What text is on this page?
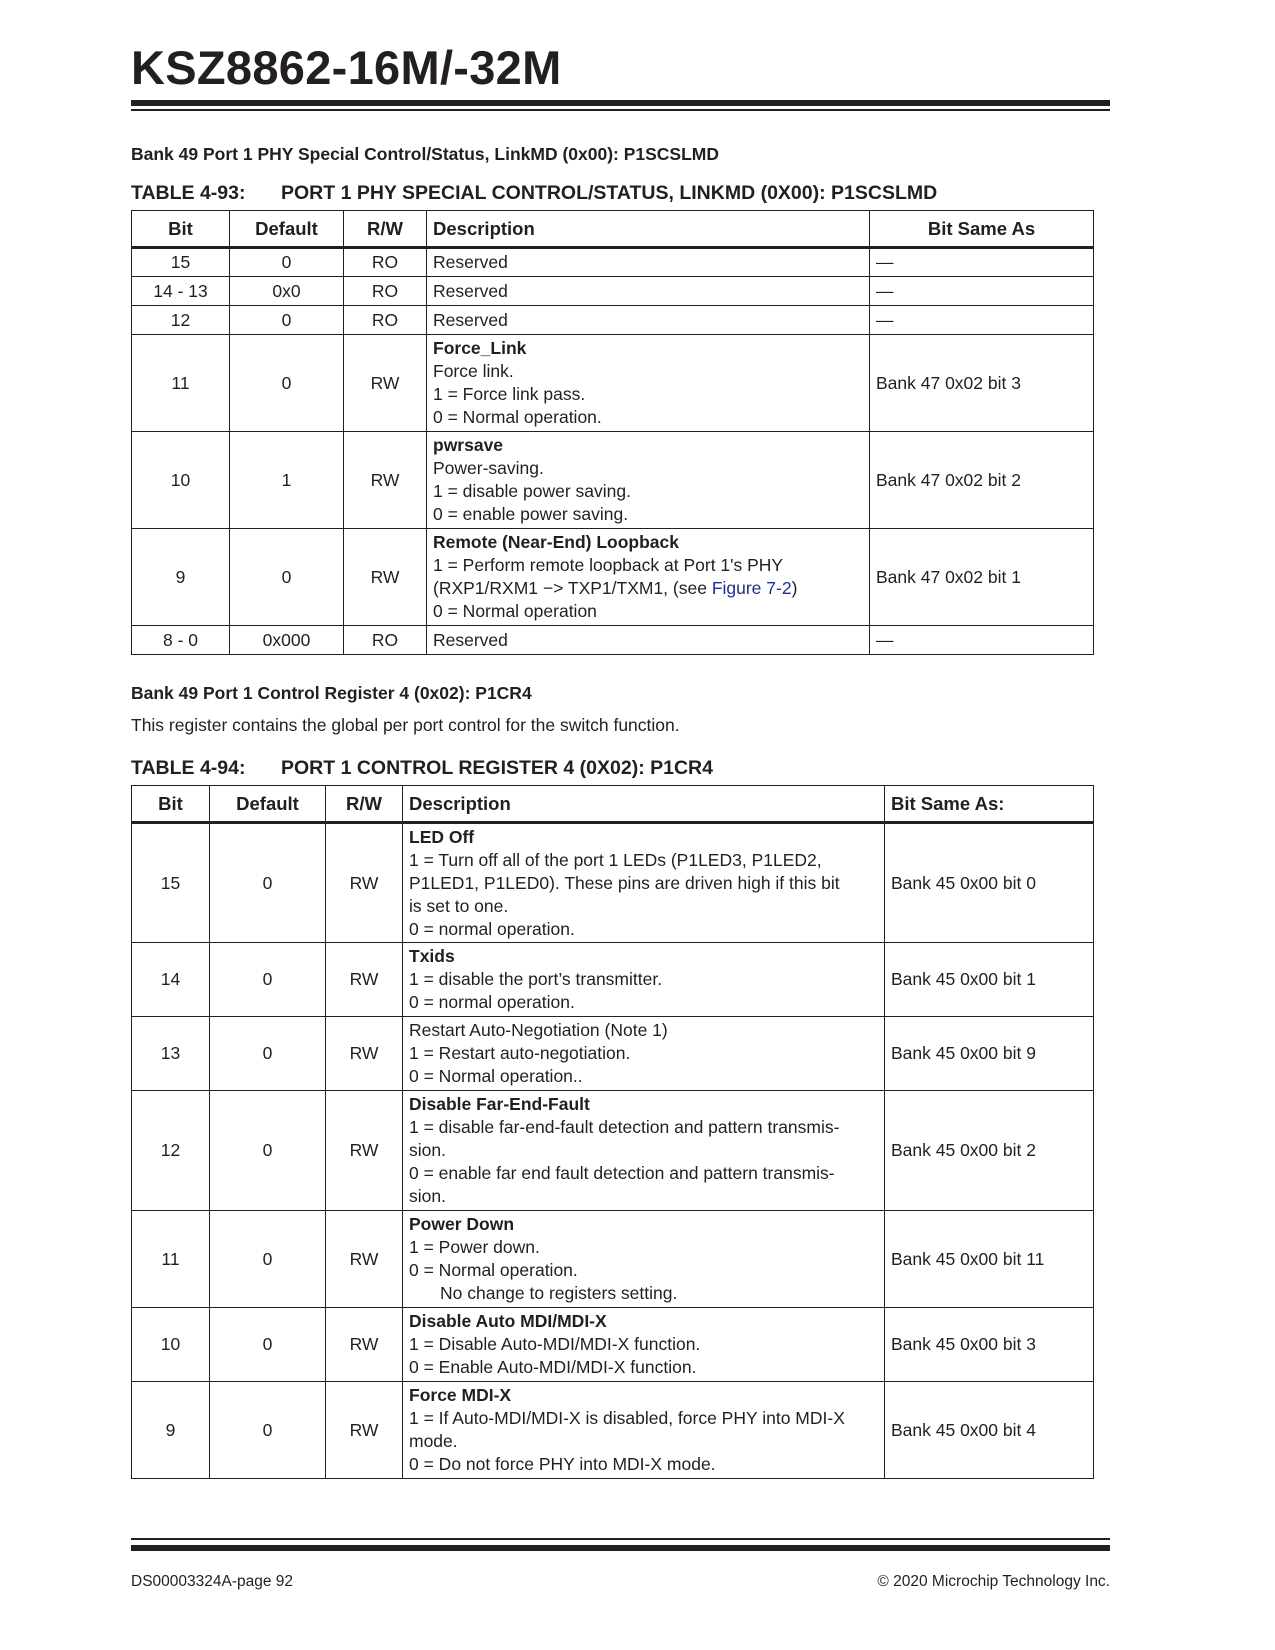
KSZ8862-16M/-32M
Bank 49 Port 1 PHY Special Control/Status, LinkMD (0x00): P1SCSLMD
TABLE 4-93: PORT 1 PHY SPECIAL CONTROL/STATUS, LINKMD (0X00): P1SCSLMD
Bit	Default	R/W	Description	Bit Same As
15	0	RO	Reserved	—
14 - 13	0x0	RO	Reserved	—
12	0	RO	Reserved	—
11	0	RW	Force_Link
Force link.
1 = Force link pass.
0 = Normal operation.	Bank 47 0x02 bit 3
10	1	RW	pwrsave
Power-saving.
1 = disable power saving.
0 = enable power saving.	Bank 47 0x02 bit 2
9	0	RW	Remote (Near-End) Loopback
1 = Perform remote loopback at Port 1's PHY
(RXP1/RXM1 −> TXP1/TXM1, (see Figure 7-2)
0 = Normal operation	Bank 47 0x02 bit 1
8 - 0	0x000	RO	Reserved	—
Bank 49 Port 1 Control Register 4 (0x02): P1CR4
This register contains the global per port control for the switch function.
TABLE 4-94: PORT 1 CONTROL REGISTER 4 (0X02): P1CR4
Bit	Default	R/W	Description	Bit Same As:
15	0	RW	LED Off
1 = Turn off all of the port 1 LEDs (P1LED3, P1LED2,
P1LED1, P1LED0). These pins are driven high if this bit
is set to one.
0 = normal operation.	Bank 45 0x00 bit 0
14	0	RW	Txids
1 = disable the port’s transmitter.
0 = normal operation.	Bank 45 0x00 bit 1
13	0	RW	Restart Auto-Negotiation (Note 1)
1 = Restart auto-negotiation.
0 = Normal operation..	Bank 45 0x00 bit 9
12	0	RW	Disable Far-End-Fault
1 = disable far-end-fault detection and pattern transmis-
sion.
0 = enable far end fault detection and pattern transmis-
sion.	Bank 45 0x00 bit 2
11	0	RW	Power Down
1 = Power down.
0 = Normal operation.
No change to registers setting.	Bank 45 0x00 bit 11
10	0	RW	Disable Auto MDI/MDI-X
1 = Disable Auto-MDI/MDI-X function.
0 = Enable Auto-MDI/MDI-X function.	Bank 45 0x00 bit 3
9	0	RW	Force MDI-X
1 = If Auto-MDI/MDI-X is disabled, force PHY into MDI-X
mode.
0 = Do not force PHY into MDI-X mode.	Bank 45 0x00 bit 4
DS00003324A-page 92	© 2020 Microchip Technology Inc.
